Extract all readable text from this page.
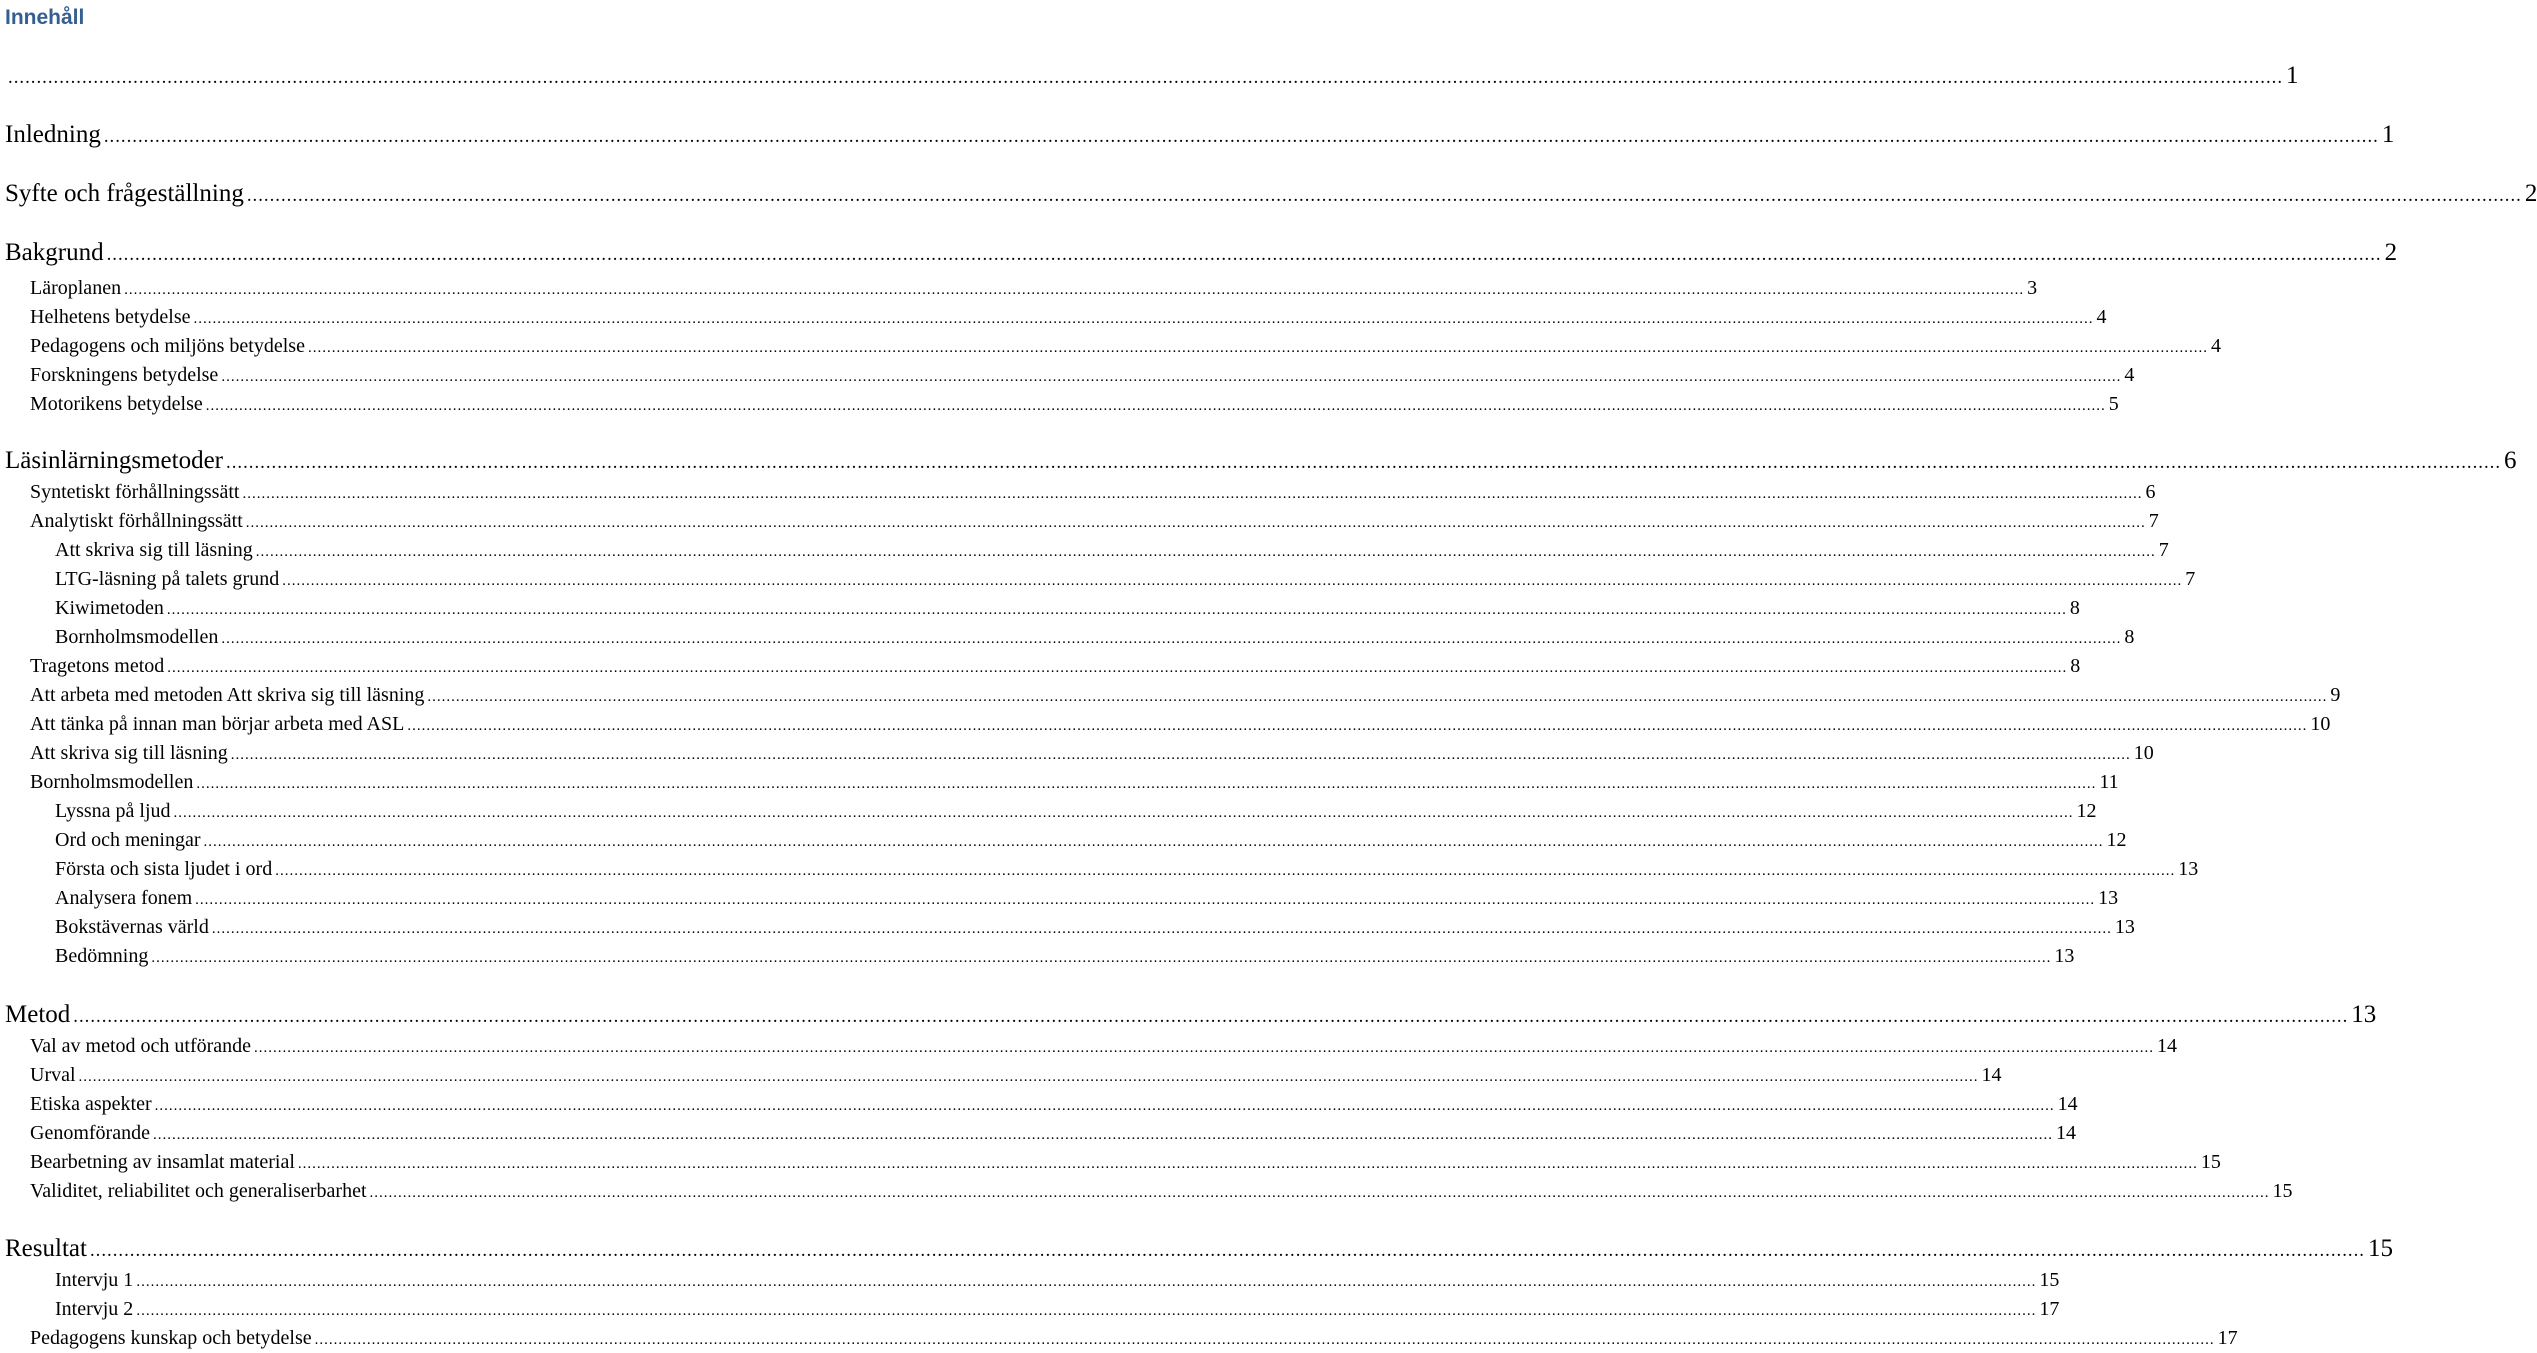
Innehåll
................................................................................................................................................................................................................................................................................................................................................................................................................ 1
Inledning ................................................................................................................................................................................................................................................................................................................................................................................................................ 1
Syfte och frågeställning ................................................................................................................................................................................................................................................................................................................................................................................................................ 2
Bakgrund ................................................................................................................................................................................................................................................................................................................................................................................................................ 2
Läroplanen ................................................................................................................................................................................................................................................................................................................................................................................................................ 3
Helhetens betydelse ................................................................................................................................................................................................................................................................................................................................................................................................................ 4
Pedagogens och miljöns betydelse ................................................................................................................................................................................................................................................................................................................................................................................................................ 4
Forskningens betydelse ................................................................................................................................................................................................................................................................................................................................................................................................................ 4
Motorikens betydelse ................................................................................................................................................................................................................................................................................................................................................................................................................ 5
Läsinlärningsmetoder ................................................................................................................................................................................................................................................................................................................................................................................................................ 6
Syntetiskt förhållningssätt ................................................................................................................................................................................................................................................................................................................................................................................................................ 6
Analytiskt förhållningssätt ................................................................................................................................................................................................................................................................................................................................................................................................................ 7
Att skriva sig till läsning ................................................................................................................................................................................................................................................................................................................................................................................................................ 7
LTG-läsning på talets grund ................................................................................................................................................................................................................................................................................................................................................................................................................ 7
Kiwimetoden ................................................................................................................................................................................................................................................................................................................................................................................................................ 8
Bornholmsmodellen ................................................................................................................................................................................................................................................................................................................................................................................................................ 8
Tragetons metod ................................................................................................................................................................................................................................................................................................................................................................................................................ 8
Att arbeta med metoden Att skriva sig till läsning ................................................................................................................................................................................................................................................................................................................................................................................................................ 9
Att tänka på innan man börjar arbeta med ASL ................................................................................................................................................................................................................................................................................................................................................................................................................ 10
Att skriva sig till läsning ................................................................................................................................................................................................................................................................................................................................................................................................................ 10
Bornholmsmodellen ................................................................................................................................................................................................................................................................................................................................................................................................................ 11
Lyssna på ljud ................................................................................................................................................................................................................................................................................................................................................................................................................ 12
Ord och meningar ................................................................................................................................................................................................................................................................................................................................................................................................................ 12
Första och sista ljudet i ord ................................................................................................................................................................................................................................................................................................................................................................................................................ 13
Analysera fonem ................................................................................................................................................................................................................................................................................................................................................................................................................ 13
Bokstävernas värld ................................................................................................................................................................................................................................................................................................................................................................................................................ 13
Bedömning ................................................................................................................................................................................................................................................................................................................................................................................................................ 13
Metod ................................................................................................................................................................................................................................................................................................................................................................................................................ 13
Val av metod och utförande ................................................................................................................................................................................................................................................................................................................................................................................................................ 14
Urval ................................................................................................................................................................................................................................................................................................................................................................................................................ 14
Etiska aspekter ................................................................................................................................................................................................................................................................................................................................................................................................................ 14
Genomförande ................................................................................................................................................................................................................................................................................................................................................................................................................ 14
Bearbetning av insamlat material ................................................................................................................................................................................................................................................................................................................................................................................................................ 15
Validitet, reliabilitet och generaliserbarhet ................................................................................................................................................................................................................................................................................................................................................................................................................ 15
Resultat ................................................................................................................................................................................................................................................................................................................................................................................................................ 15
Intervju 1 ................................................................................................................................................................................................................................................................................................................................................................................................................ 15
Intervju 2 ................................................................................................................................................................................................................................................................................................................................................................................................................ 17
Pedagogens kunskap och betydelse ................................................................................................................................................................................................................................................................................................................................................................................................................ 17
